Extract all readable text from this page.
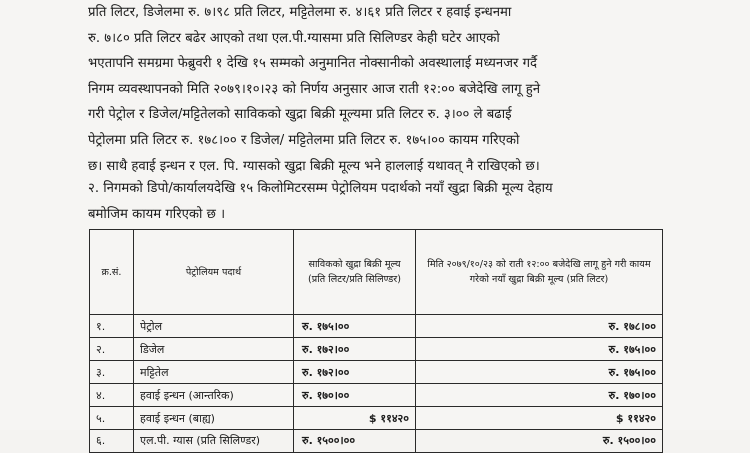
प्रति लिटर, डिजेलमा रु. ७।९८ प्रति लिटर, मट्टितेलमा रु. ४।६१ प्रति लिटर र हवाई इन्धनमा
रु. ७।८० प्रति लिटर बढेर आएको तथा एल.पी.ग्यासमा प्रति सिलिण्डर केही घटेर आएको
भएतापनि समग्रमा फेब्रुवरी १ देखि १५ सम्मको अनुमानित नोक्सानीको अवस्थालाई मध्यनजर गर्दै
निगम व्यवस्थापनको मिति २०७९।१०।२३ को निर्णय अनुसार आज राती १२:०० बजेदेखि लागू हुने
गरी पेट्रोल र डिजेल/मट्टितेलको साविकको खुद्रा बिक्री मूल्यमा प्रति लिटर रु. ३।०० ले बढाई
पेट्रोलमा प्रति लिटर रु. १७८।०० र डिजेल/ मट्टितेलमा प्रति लिटर रु. १७५।०० कायम गरिएको
छ। साथै हवाई इन्धन र एल. पि. ग्यासको खुद्रा बिक्री मूल्य भने हाललाई यथावत् नै राखिएको छ।
२. निगमको डिपो/कार्यालयदेखि १५ किलोमिटरसम्म पेट्रोलियम पदार्थको नयाँ खुद्रा बिक्री मूल्य देहाय
बमोजिम कायम गरिएको छ ।
क्र.सं.	पेट्रोलियम पदार्थ	साविकको खुद्रा बिक्री मूल्य (प्रति लिटर/प्रति सिलिण्डर)	मिति २०७९/१०/२३ को राती १२:०० बजेदेखि लागू हुने गरी कायम गरेको नयाँ खुद्रा बिक्री मूल्य (प्रति लिटर)
१.	पेट्रोल	रु. १७५।००	रु. १७८।००
२.	डिजेल	रु. १७२।००	रु. १७५।००
३.	मट्टितेल	रु. १७२।००	रु. १७५।००
४.	हवाई इन्धन (आन्तरिक)	रु. १७०।००	रु. १७०।००
५.	हवाई इन्धन (बाह्य)	$ ११४२०	$ ११४२०
६.	एल.पी. ग्यास (प्रति सिलिण्डर)	रु. १५००।००	रु. १५००।००
